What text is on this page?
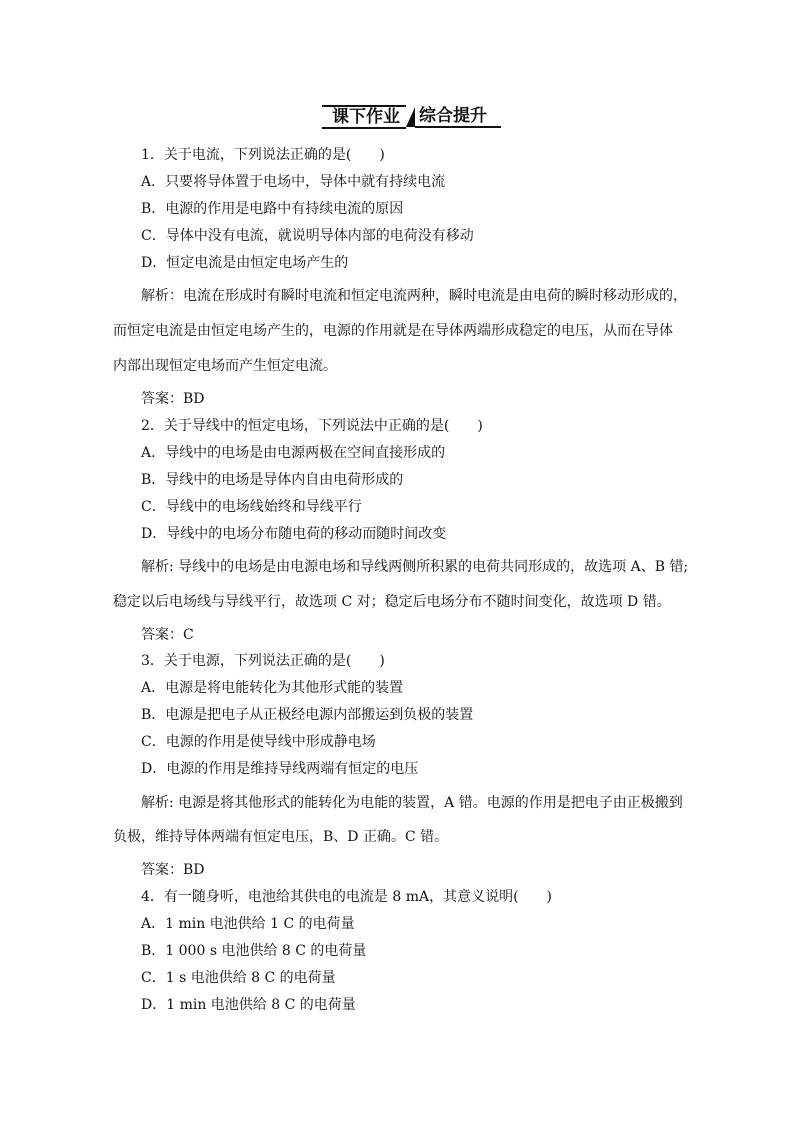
课下作业	综合提升
1．关于电流，下列说法正确的是(　　)
A．只要将导体置于电场中，导体中就有持续电流
B．电源的作用是电路中有持续电流的原因
C．导体中没有电流，就说明导体内部的电荷没有移动
D．恒定电流是由恒定电场产生的
解析：电流在形成时有瞬时电流和恒定电流两种，瞬时电流是由电荷的瞬时移动形成的，
而恒定电流是由恒定电场产生的，电源的作用就是在导体两端形成稳定的电压，从而在导体
内部出现恒定电场而产生恒定电流。
答案：BD
2．关于导线中的恒定电场，下列说法中正确的是(　　)
A．导线中的电场是由电源两极在空间直接形成的
B．导线中的电场是导体内自由电荷形成的
C．导线中的电场线始终和导线平行
D．导线中的电场分布随电荷的移动而随时间改变
解析: 导线中的电场是由电源电场和导线两侧所积累的电荷共同形成的，故选项 A、B 错;
稳定以后电场线与导线平行，故选项 C 对；稳定后电场分布不随时间变化，故选项 D 错。
答案：C
3．关于电源，下列说法正确的是(　　)
A．电源是将电能转化为其他形式能的装置
B．电源是把电子从正极经电源内部搬运到负极的装置
C．电源的作用是使导线中形成静电场
D．电源的作用是维持导线两端有恒定的电压
解析: 电源是将其他形式的能转化为电能的装置，A 错。电源的作用是把电子由正极搬到
负极，维持导体两端有恒定电压，B、D 正确。C 错。
答案：BD
4．有一随身听，电池给其供电的电流是 8 mA，其意义说明(　　)
A．1 min 电池供给 1 C 的电荷量
B．1 000 s 电池供给 8 C 的电荷量
C．1 s 电池供给 8 C 的电荷量
D．1 min 电池供给 8 C 的电荷量
